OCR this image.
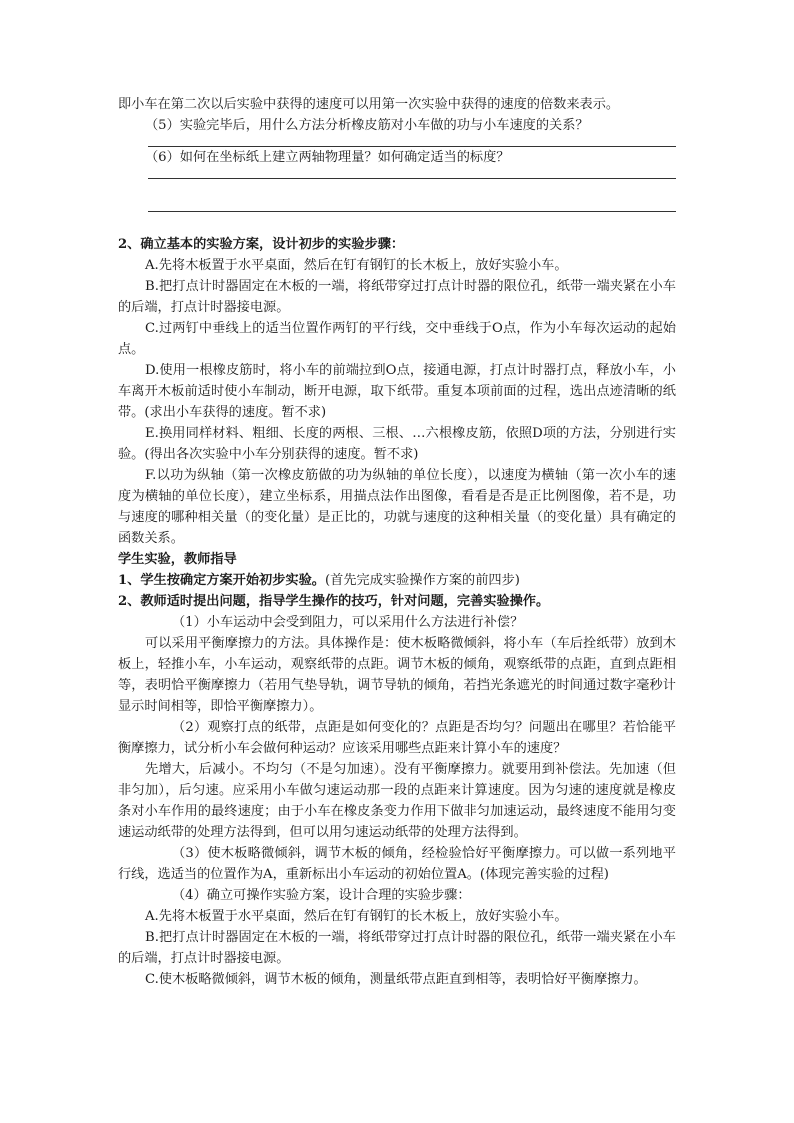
即小车在第二次以后实验中获得的速度可以用第一次实验中获得的速度的倍数来表示。

（5）实验完毕后，用什么方法分析橡皮筋对小车做的功与小车速度的关系？

（6）如何在坐标纸上建立两轴物理量？如何确定适当的标度？

2、确立基本的实验方案，设计初步的实验步骤：

A.先将木板置于水平桌面，然后在钉有钢钉的长木板上，放好实验小车。

B.把打点计时器固定在木板的一端，将纸带穿过打点计时器的限位孔，纸带一端夹紧在小车的后端，打点计时器接电源。

C.过两钉中垂线上的适当位置作两钉的平行线，交中垂线于O点，作为小车每次运动的起始点。

D.使用一根橡皮筋时，将小车的前端拉到O点，接通电源，打点计时器打点，释放小车，小车离开木板前适时使小车制动，断开电源，取下纸带。重复本项前面的过程，选出点迹清晰的纸带。(求出小车获得的速度。暂不求)

E.换用同样材料、粗细、长度的两根、三根、…六根橡皮筋，依照D项的方法，分别进行实验。(得出各次实验中小车分别获得的速度。暂不求)

F.以功为纵轴（第一次橡皮筋做的功为纵轴的单位长度），以速度为横轴（第一次小车的速度为横轴的单位长度），建立坐标系，用描点法作出图像，看看是否是正比例图像，若不是，功与速度的哪种相关量（的变化量）是正比的，功就与速度的这种相关量（的变化量）具有确定的函数关系。

学生实验，教师指导

1、学生按确定方案开始初步实验。(首先完成实验操作方案的前四步)

2、教师适时提出问题，指导学生操作的技巧，针对问题，完善实验操作。

（1）小车运动中会受到阻力，可以采用什么方法进行补偿？

可以采用平衡摩擦力的方法。具体操作是：使木板略微倾斜，将小车（车后拴纸带）放到木板上，轻推小车，小车运动，观察纸带的点距。调节木板的倾角，观察纸带的点距，直到点距相等，表明恰平衡摩擦力（若用气垫导轨，调节导轨的倾角，若挡光条遮光的时间通过数字毫秒计显示时间相等，即恰平衡摩擦力）。

（2）观察打点的纸带，点距是如何变化的？点距是否均匀？问题出在哪里？若恰能平衡摩擦力，试分析小车会做何种运动？应该采用哪些点距来计算小车的速度？

先增大，后减小。不均匀（不是匀加速）。没有平衡摩擦力。就要用到补偿法。先加速（但非匀加），后匀速。应采用小车做匀速运动那一段的点距来计算速度。因为匀速的速度就是橡皮条对小车作用的最终速度；由于小车在橡皮条变力作用下做非匀加速运动，最终速度不能用匀变速运动纸带的处理方法得到，但可以用匀速运动纸带的处理方法得到。

（3）使木板略微倾斜，调节木板的倾角，经检验恰好平衡摩擦力。可以做一系列地平行线，选适当的位置作为A，重新标出小车运动的初始位置A。(体现完善实验的过程)

（4）确立可操作实验方案，设计合理的实验步骤：

A.先将木板置于水平桌面，然后在钉有钢钉的长木板上，放好实验小车。

B.把打点计时器固定在木板的一端，将纸带穿过打点计时器的限位孔，纸带一端夹紧在小车的后端，打点计时器接电源。

C.使木板略微倾斜，调节木板的倾角，测量纸带点距直到相等，表明恰好平衡摩擦力。
